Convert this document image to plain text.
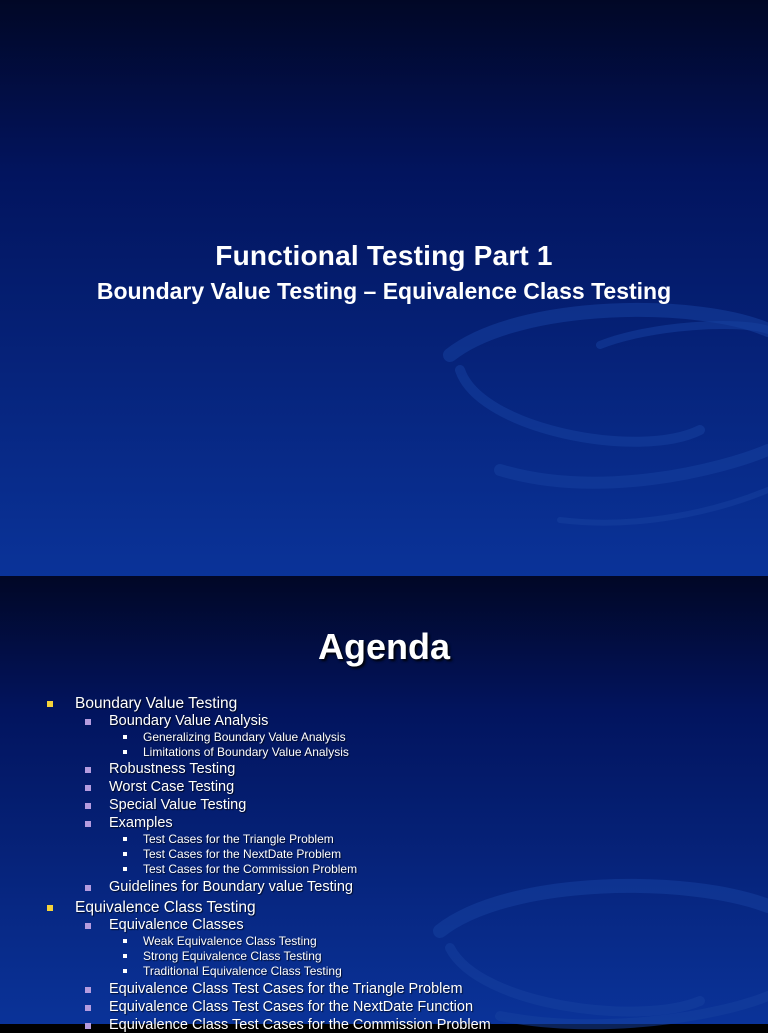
Functional Testing Part 1
Boundary Value Testing – Equivalence Class Testing
Agenda
Boundary Value Testing
Boundary Value Analysis
Generalizing Boundary Value Analysis
Limitations of Boundary Value Analysis
Robustness Testing
Worst Case Testing
Special Value Testing
Examples
Test Cases for the Triangle Problem
Test Cases for the NextDate Problem
Test Cases for the Commission Problem
Guidelines for Boundary value Testing
Equivalence Class Testing
Equivalence Classes
Weak Equivalence Class Testing
Strong Equivalence Class Testing
Traditional Equivalence Class Testing
Equivalence Class Test Cases for the Triangle Problem
Equivalence Class Test Cases for the NextDate Function
Equivalence Class Test Cases for the Commission Problem
